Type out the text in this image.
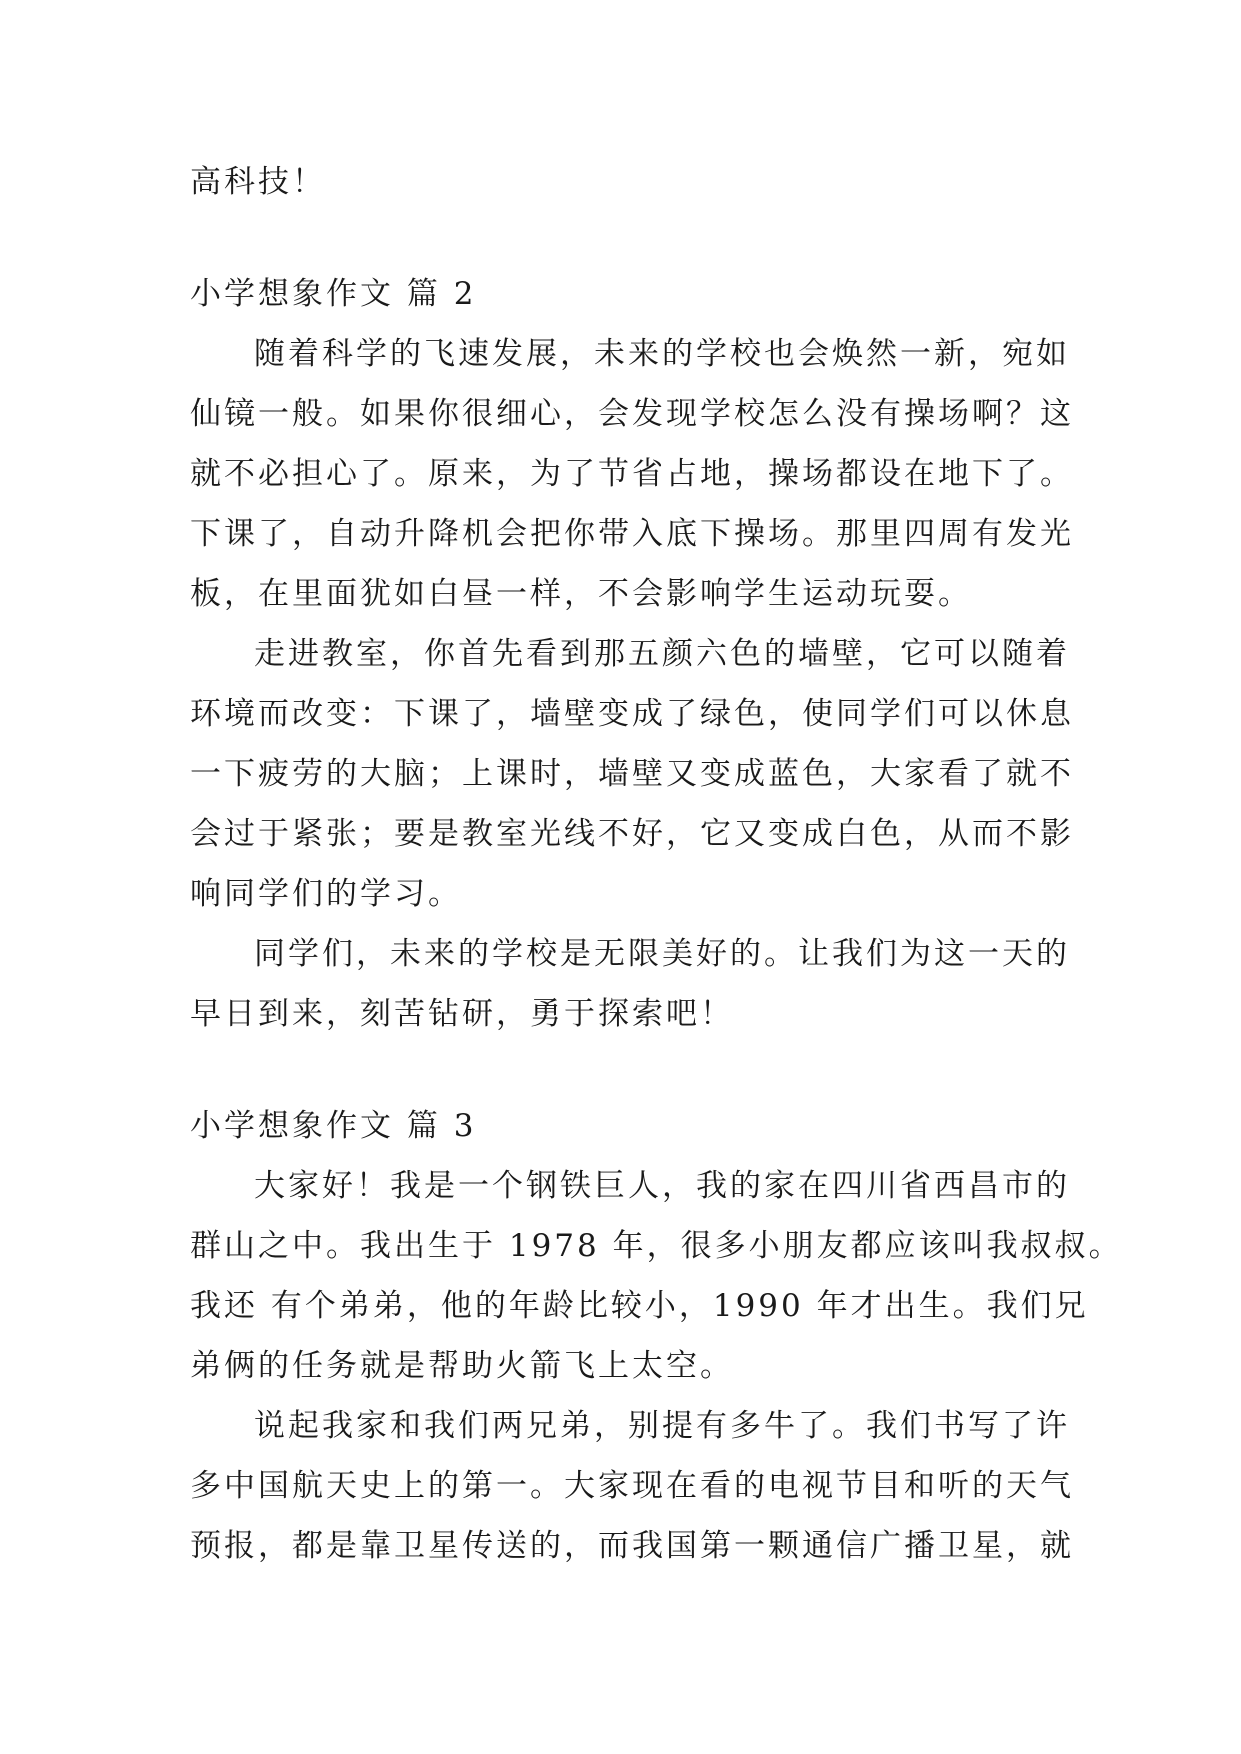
高科技！
小学想象作文 篇 2
随着科学的飞速发展，未来的学校也会焕然一新，宛如
仙镜一般。如果你很细心，会发现学校怎么没有操场啊？这
就不必担心了。原来，为了节省占地，操场都设在地下了。
下课了，自动升降机会把你带入底下操场。那里四周有发光
板，在里面犹如白昼一样，不会影响学生运动玩耍。
走进教室，你首先看到那五颜六色的墙壁，它可以随着
环境而改变：下课了，墙壁变成了绿色，使同学们可以休息
一下疲劳的大脑；上课时，墙壁又变成蓝色，大家看了就不
会过于紧张；要是教室光线不好，它又变成白色，从而不影
响同学们的学习。
同学们，未来的学校是无限美好的。让我们为这一天的
早日到来，刻苦钻研，勇于探索吧！
小学想象作文 篇 3
大家好！我是一个钢铁巨人，我的家在四川省西昌市的
群山之中。我出生于 1978 年，很多小朋友都应该叫我叔叔。
我还 有个弟弟，他的年龄比较小，1990 年才出生。我们兄
弟俩的任务就是帮助火箭飞上太空。
说起我家和我们两兄弟，别提有多牛了。我们书写了许
多中国航天史上的第一。大家现在看的电视节目和听的天气
预报，都是靠卫星传送的，而我国第一颗通信广播卫星，就
